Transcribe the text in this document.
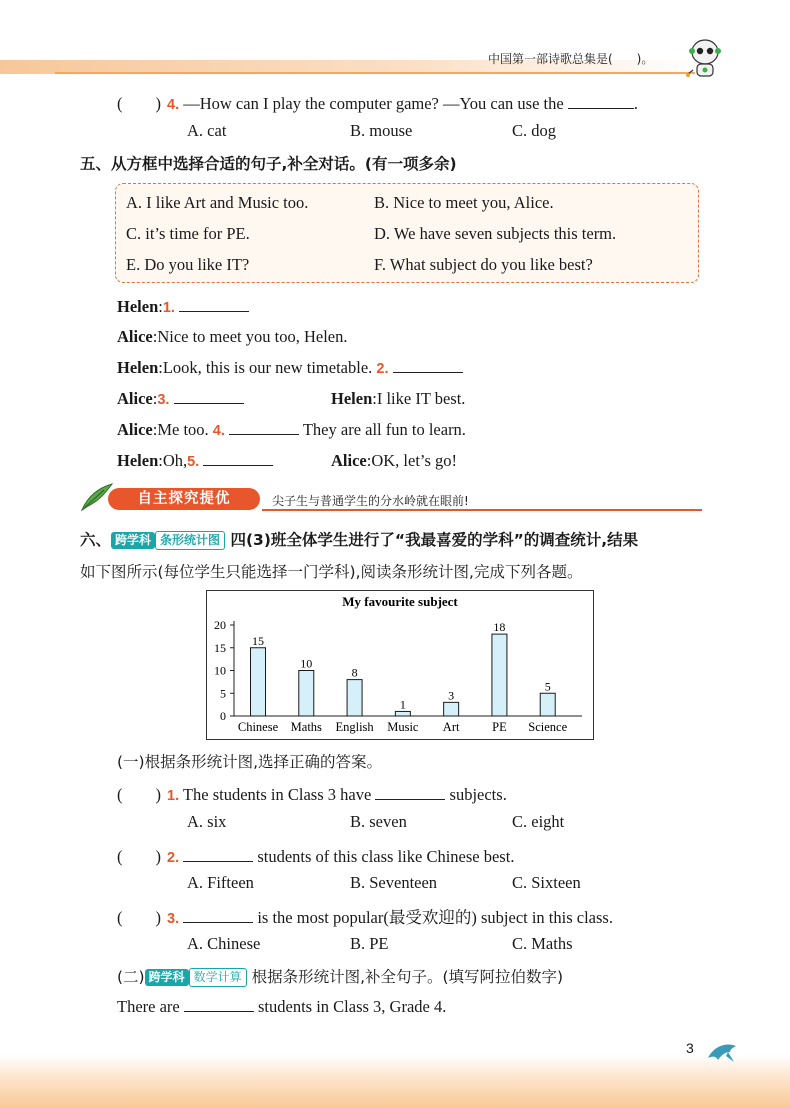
中国第一部诗歌总集是(　　)。
(　　) 4. —How can I play the computer game? —You can use the	.
A. cat	B. mouse	C. dog
五、从方框中选择合适的句子,补全对话。(有一项多余)
A. I like Art and Music too.	B. Nice to meet you, Alice.
C. it’s time for PE.	D. We have seven subjects this term.
E. Do you like IT?	F. What subject do you like best?
Helen:1.
Alice:Nice to meet you too, Helen.
Helen:Look, this is our new timetable. 2.
Alice:3.	Helen:I like IT best.
Alice:Me too. 4.	They are all fun to learn.
Helen:Oh,5.	Alice:OK, let’s go!
自主探究提优	尖子生与普通学生的分水岭就在眼前!
六、 跨学科 条形统计图 四(3)班全体学生进行了“我最喜爱的学科”的调查统计,结果
如下图所示(每位学生只能选择一门学科),阅读条形统计图,完成下列各题。
My favourite subject
0
5
10
15
20
15
Chinese
10
Maths
8
English
1
Music
3
Art
18
PE
5
Science
(一)根据条形统计图,选择正确的答案。
(　　) 1. The students in Class 3 have	subjects.
A. six	B. seven	C. eight
(　　) 2.	students of this class like Chinese best.
A. Fifteen	B. Seventeen	C. Sixteen
(　　) 3.	is the most popular(最受欢迎的) subject in this class.
A. Chinese	B. PE	C. Maths
(二) 跨学科 数学计算 根据条形统计图,补全句子。(填写阿拉伯数字)
There are	students in Class 3, Grade 4.
3
